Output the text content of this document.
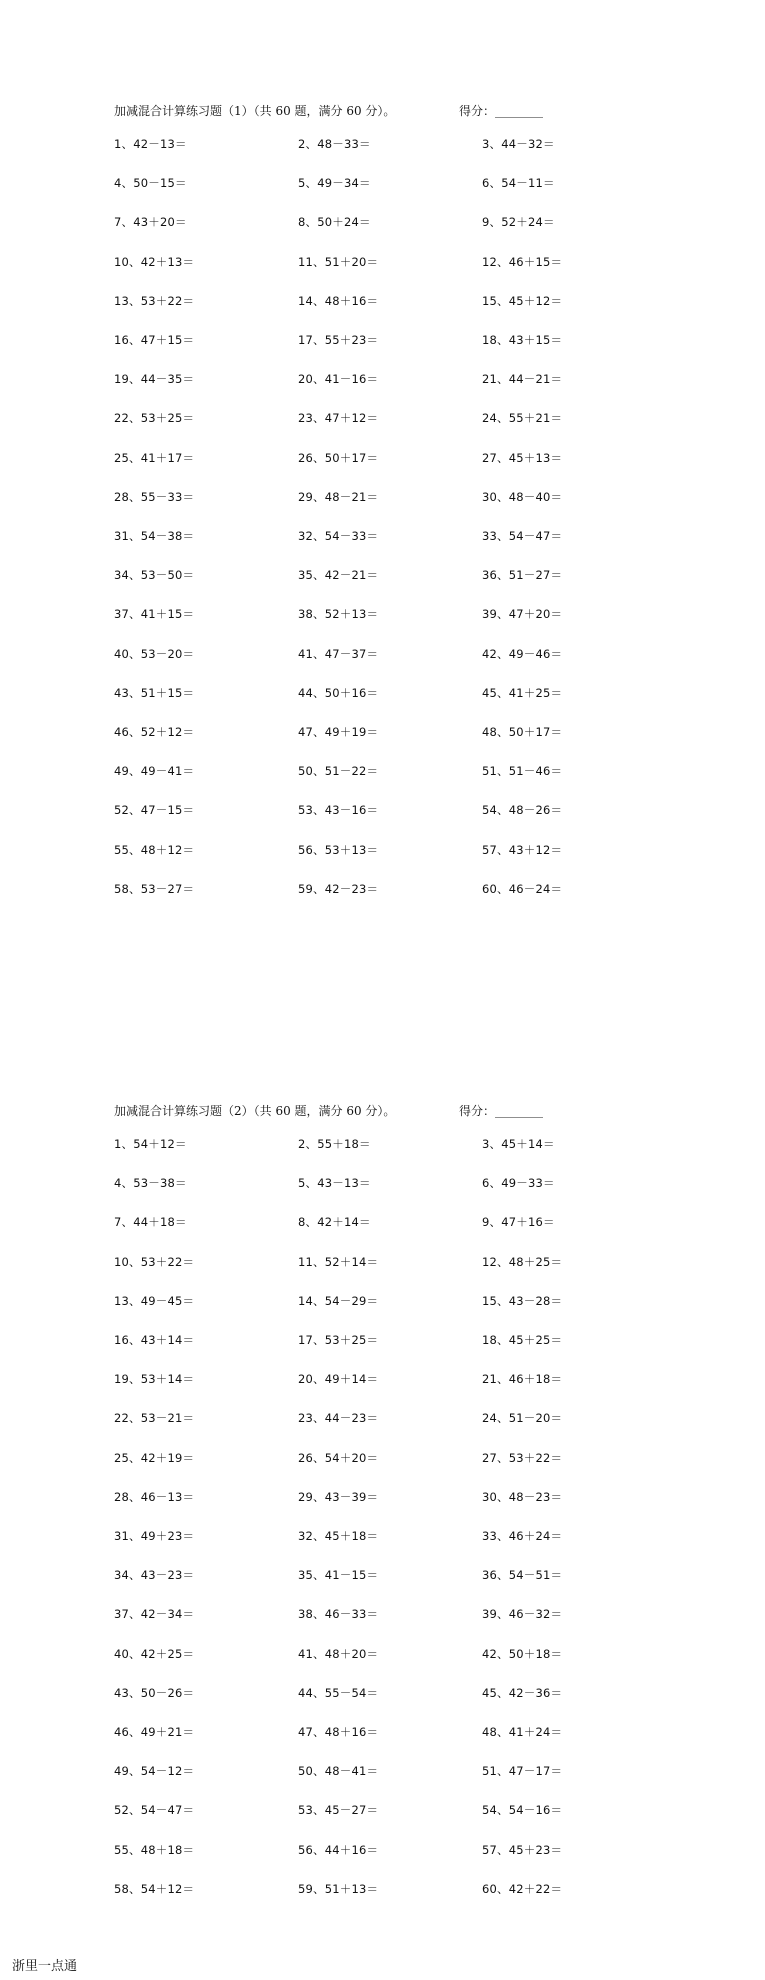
加减混合计算练习题（1）（共 60 题，满分 60 分）。	得分：________
1、42－13＝	2、48－33＝	3、44－32＝
4、50－15＝	5、49－34＝	6、54－11＝
7、43＋20＝	8、50＋24＝	9、52＋24＝
10、42＋13＝	11、51＋20＝	12、46＋15＝
13、53＋22＝	14、48＋16＝	15、45＋12＝
16、47＋15＝	17、55＋23＝	18、43＋15＝
19、44－35＝	20、41－16＝	21、44－21＝
22、53＋25＝	23、47＋12＝	24、55＋21＝
25、41＋17＝	26、50＋17＝	27、45＋13＝
28、55－33＝	29、48－21＝	30、48－40＝
31、54－38＝	32、54－33＝	33、54－47＝
34、53－50＝	35、42－21＝	36、51－27＝
37、41＋15＝	38、52＋13＝	39、47＋20＝
40、53－20＝	41、47－37＝	42、49－46＝
43、51＋15＝	44、50＋16＝	45、41＋25＝
46、52＋12＝	47、49＋19＝	48、50＋17＝
49、49－41＝	50、51－22＝	51、51－46＝
52、47－15＝	53、43－16＝	54、48－26＝
55、48＋12＝	56、53＋13＝	57、43＋12＝
58、53－27＝	59、42－23＝	60、46－24＝
加减混合计算练习题（2）（共 60 题，满分 60 分）。	得分：________
1、54＋12＝	2、55＋18＝	3、45＋14＝
4、53－38＝	5、43－13＝	6、49－33＝
7、44＋18＝	8、42＋14＝	9、47＋16＝
10、53＋22＝	11、52＋14＝	12、48＋25＝
13、49－45＝	14、54－29＝	15、43－28＝
16、43＋14＝	17、53＋25＝	18、45＋25＝
19、53＋14＝	20、49＋14＝	21、46＋18＝
22、53－21＝	23、44－23＝	24、51－20＝
25、42＋19＝	26、54＋20＝	27、53＋22＝
28、46－13＝	29、43－39＝	30、48－23＝
31、49＋23＝	32、45＋18＝	33、46＋24＝
34、43－23＝	35、41－15＝	36、54－51＝
37、42－34＝	38、46－33＝	39、46－32＝
40、42＋25＝	41、48＋20＝	42、50＋18＝
43、50－26＝	44、55－54＝	45、42－36＝
46、49＋21＝	47、48＋16＝	48、41＋24＝
49、54－12＝	50、48－41＝	51、47－17＝
52、54－47＝	53、45－27＝	54、54－16＝
55、48＋18＝	56、44＋16＝	57、45＋23＝
58、54＋12＝	59、51＋13＝	60、42＋22＝
浙里一点通
